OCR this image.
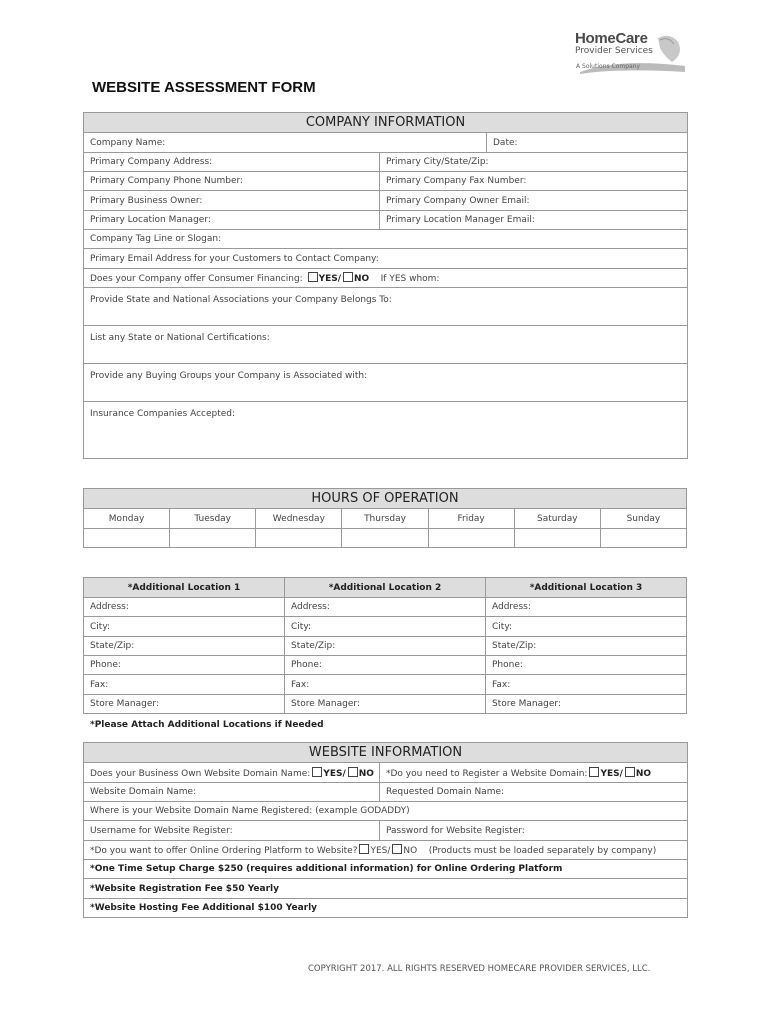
HomeCare
Provider Services
A Solutions Company
WEBSITE ASSESSMENT FORM
COMPANY INFORMATION		
Company Name:		Date:
Primary Company Address:	Primary City/State/Zip:	
Primary Company Phone Number:	Primary Company Fax Number:	
Primary Business Owner:	Primary Company Owner Email:	
Primary Location Manager:	Primary Location Manager Email:	
Company Tag Line or Slogan:		
Primary Email Address for your Customers to Contact Company:		
Does your Company offer Consumer Financing: YES/ NO If YES whom:		
Provide State and National Associations your Company Belongs To:		
List any State or National Certifications:		
Provide any Buying Groups your Company is Associated with:		
Insurance Companies Accepted:		
HOURS OF OPERATION						
Monday	Tuesday	Wednesday	Thursday	Friday	Saturday	Sunday

*Additional Location 1	*Additional Location 2	*Additional Location 3
Address:	Address:	Address:
City:	City:	City:
State/Zip:	State/Zip:	State/Zip:
Phone:	Phone:	Phone:
Fax:	Fax:	Fax:
Store Manager:	Store Manager:	Store Manager:
*Please Attach Additional Locations if Needed
WEBSITE INFORMATION	
Does your Business Own Website Domain Name: YES/ NO	*Do you need to Register a Website Domain: YES/ NO
Website Domain Name:	Requested Domain Name:
Where is your Website Domain Name Registered: (example GODADDY)	
Username for Website Register:	Password for Website Register:
*Do you want to offer Online Ordering Platform to Website? YES/ NO (Products must be loaded separately by company)	
*One Time Setup Charge $250 (requires additional information) for Online Ordering Platform	
*Website Registration Fee $50 Yearly	
*Website Hosting Fee Additional $100 Yearly	
COPYRIGHT 2017. ALL RIGHTS RESERVED HOMECARE PROVIDER SERVICES, LLC.
